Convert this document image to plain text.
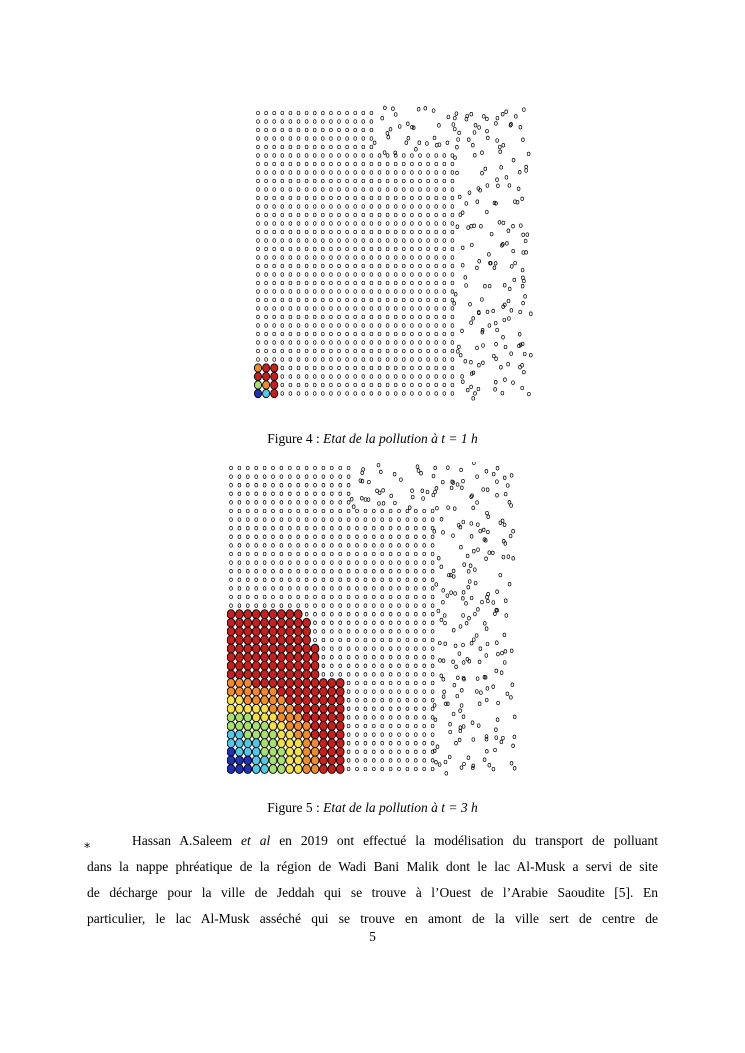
Figure 4 : Etat de la pollution à t = 1 h
Figure 5 : Etat de la pollution à t = 3 h
∗	Hassan A.Saleem et al en 2019 ont effectué la modélisation du transport de polluant

dans la nappe phréatique de la région de Wadi Bani Malik dont le lac Al-Musk a servi de site

de décharge pour la ville de Jeddah qui se trouve à l’Ouest de l’Arabie Saoudite [5]. En

particulier, le lac Al-Musk asséché qui se trouve en amont de la ville sert de centre de

5
